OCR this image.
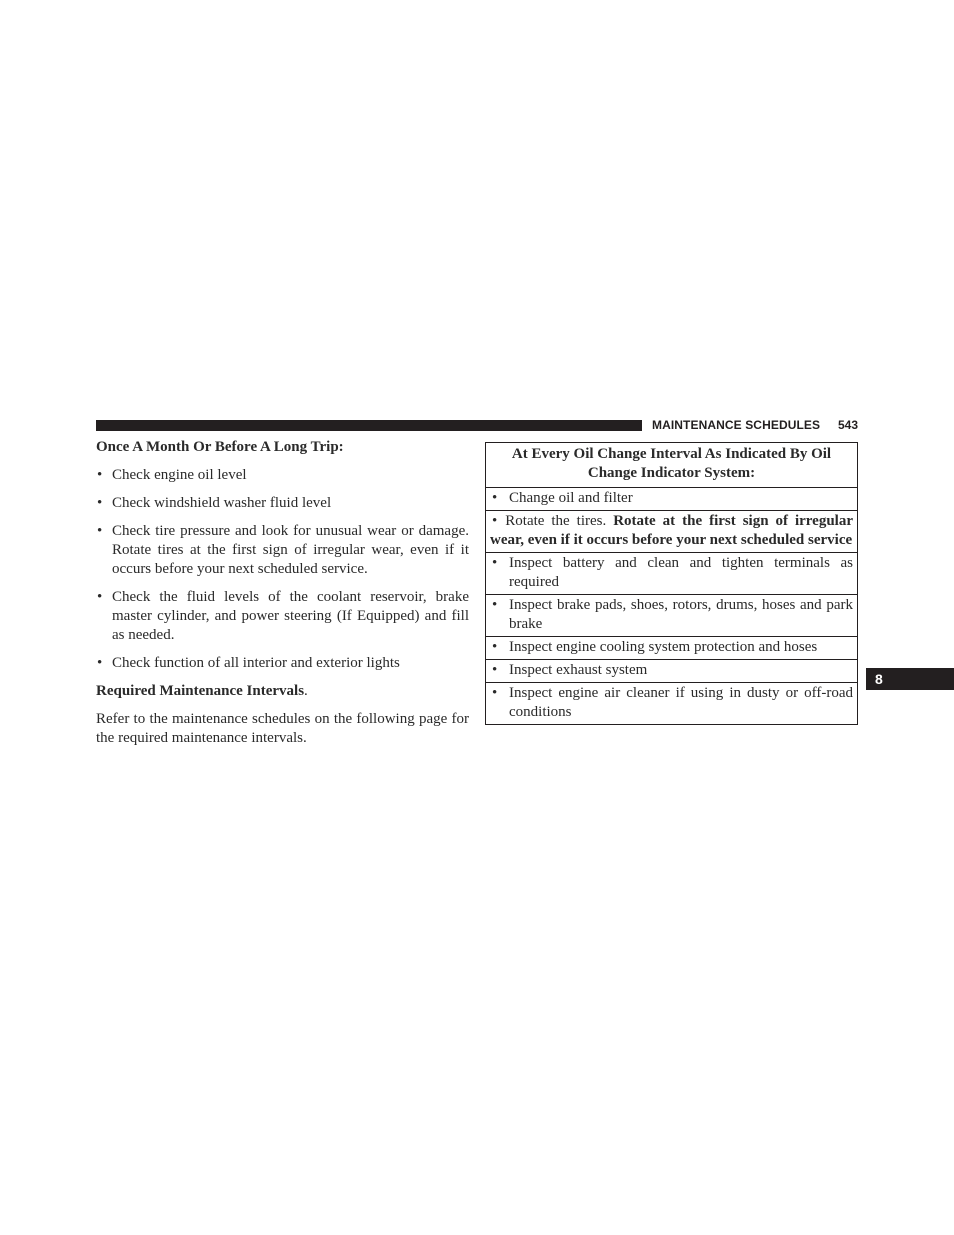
MAINTENANCE SCHEDULES 543
8

Once A Month Or Before A Long Trip:

• Check engine oil level
• Check windshield washer fluid level
• Check tire pressure and look for unusual wear or damage. Rotate tires at the first sign of irregular wear, even if it occurs before your next scheduled service.
• Check the fluid levels of the coolant reservoir, brake master cylinder, and power steering (If Equipped) and fill as needed.
• Check function of all interior and exterior lights

Required Maintenance Intervals.

Refer to the maintenance schedules on the following page for the required maintenance intervals.

At Every Oil Change Interval As Indicated By Oil Change Indicator System:
• Change oil and filter
• Rotate the tires. Rotate at the first sign of irregular wear, even if it occurs before your next scheduled service
• Inspect battery and clean and tighten terminals as required
• Inspect brake pads, shoes, rotors, drums, hoses and park brake
• Inspect engine cooling system protection and hoses
• Inspect exhaust system
• Inspect engine air cleaner if using in dusty or off-road conditions
